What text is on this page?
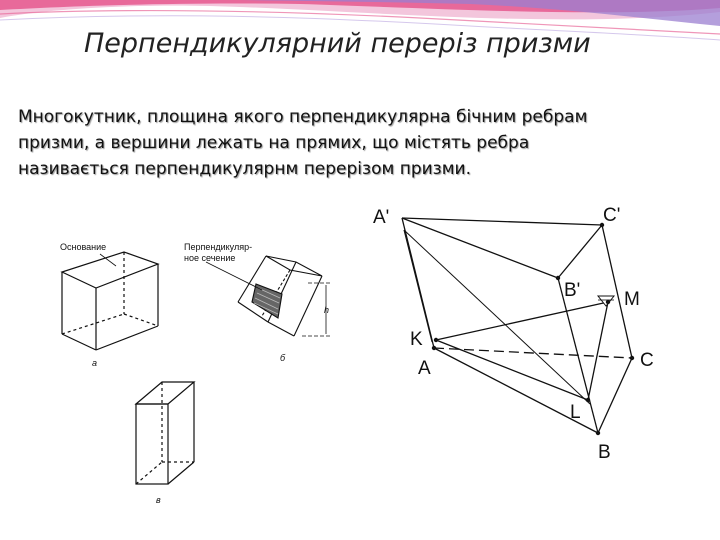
Перпендикулярний переріз призми

Многокутник, площина якого перпендикулярна бічним ребрам
призми, а вершини лежать на прямих, що містять ребра
називається перпендикулярнм перерізом призми.

Основание
а
Перпендикуляр-
ное сечение
h
б
в
A'	C'
B' M
K
A	C
L
B
